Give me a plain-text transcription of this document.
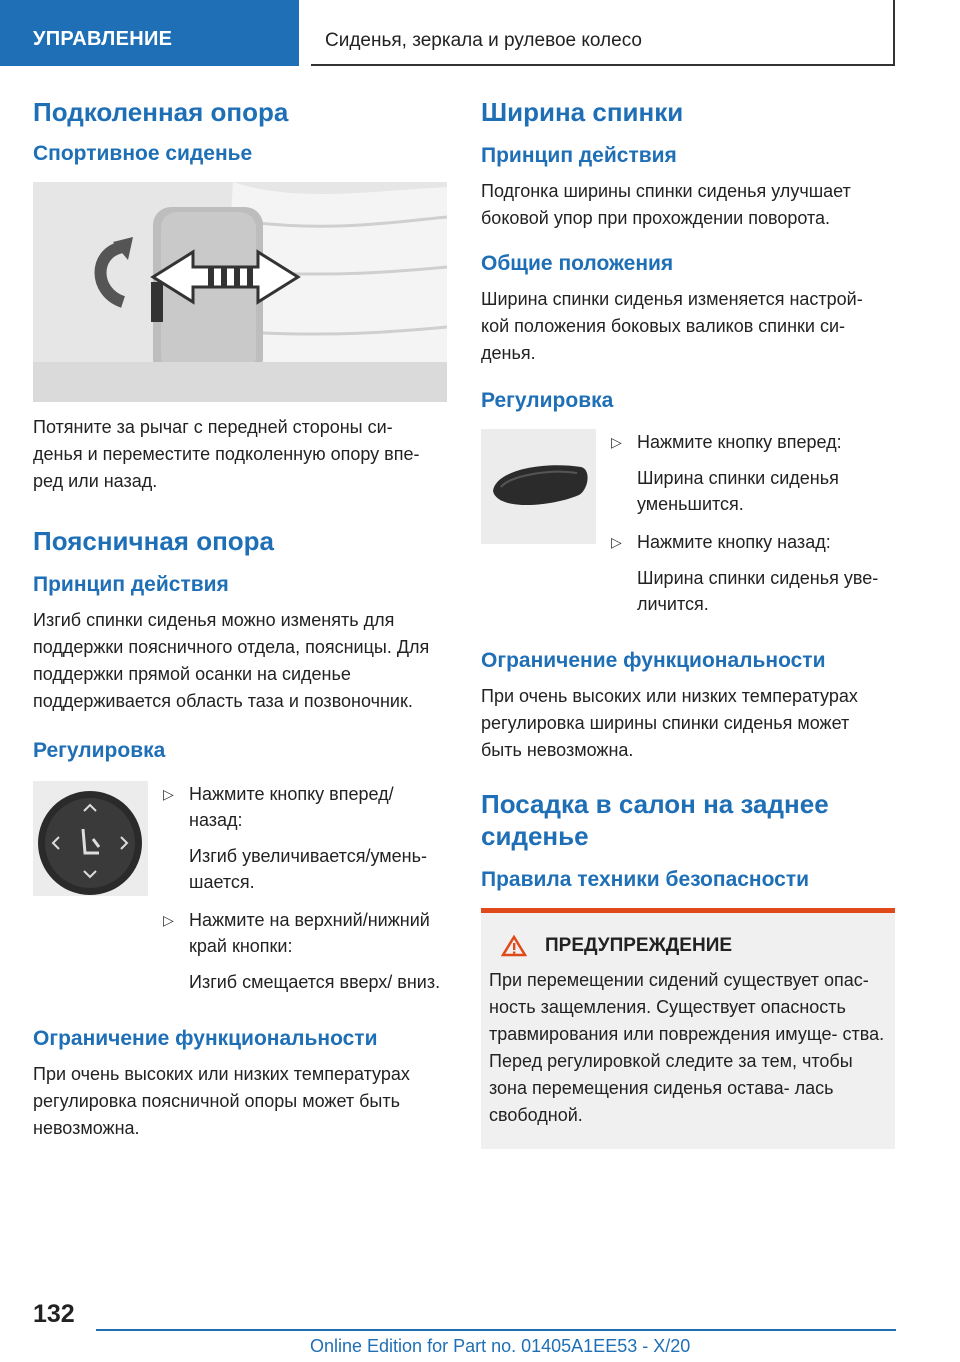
УПРАВЛЕНИЕ	Сиденья, зеркала и рулевое колесо
Подколенная опора
Спортивное сиденье

Потяните за рычаг с передней стороны си‐ денья и переместите подколенную опору впе‐ ред или назад.

Поясничная опора
Принцип действия

Изгиб спинки сиденья можно изменять для поддержки поясничного отдела, поясницы. Для поддержки прямой осанки на сиденье поддерживается область таза и позвоночник.

Регулировка
▷ Нажмите кнопку вперед/ назад:
Изгиб увеличивается/умень‐ шается.
▷ Нажмите на верхний/нижний край кнопки:
Изгиб смещается вверх/ вниз.
Ограничение функциональности

При очень высоких или низких температурах регулировка поясничной опоры может быть невозможна.

Ширина спинки
Принцип действия

Подгонка ширины спинки сиденья улучшает боковой упор при прохождении поворота.

Общие положения

Ширина спинки сиденья изменяется настрой‐ кой положения боковых валиков спинки си‐ денья.

Регулировка
▷ Нажмите кнопку вперед:
Ширина спинки сиденья уменьшится.
▷ Нажмите кнопку назад:
Ширина спинки сиденья уве‐ личится.
Ограничение функциональности

При очень высоких или низких температурах регулировка ширины спинки сиденья может быть невозможна.

Посадка в салон на заднее сиденье
Правила техники безопасности
ПРЕДУПРЕЖДЕНИЕ

При перемещении сидений существует опас‐ ность защемления. Существует опасность травмирования или повреждения имуще‐ ства. Перед регулировкой следите за тем, чтобы зона перемещения сиденья остава‐ лась свободной.

132
Online Edition for Part no. 01405A1EE53 - X/20
